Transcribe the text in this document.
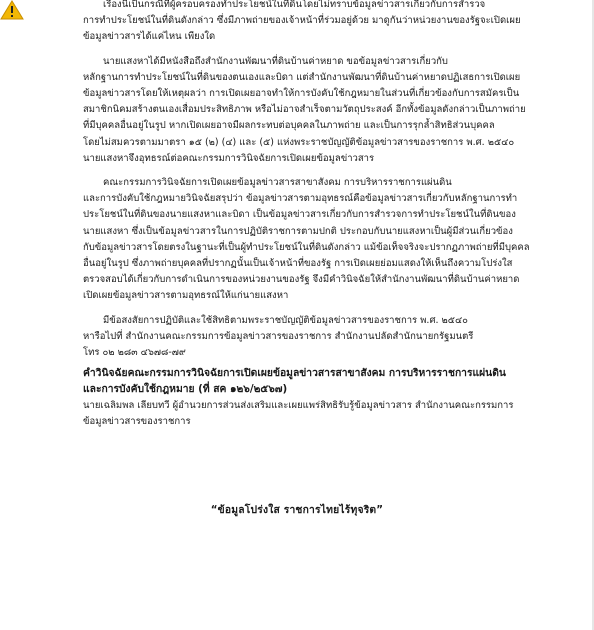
เรื่องนี้เป็นกรณีที่ผู้ครอบครองทำประโยชน์ในที่ดินโดยไม่ทราบข้อมูลข่าวสารเกี่ยวกับการสำรวจ
การทำประโยชน์ในที่ดินดังกล่าว ซึ่งมีภาพถ่ายของเจ้าหน้าที่ร่วมอยู่ด้วย มาดูกันว่าหน่วยงานของรัฐจะเปิดเผย
ข้อมูลข่าวสารได้แค่ไหน เพียงใด
นายแสงหาได้มีหนังสือถึงสำนักงานพัฒนาที่ดินบ้านค่าหยาด ขอข้อมูลข่าวสารเกี่ยวกับ
หลักฐานการทำประโยชน์ในที่ดินของตนเองและบิดา แต่สำนักงานพัฒนาที่ดินบ้านค่าหยาดปฏิเสธการเปิดเผย
ข้อมูลข่าวสารโดยให้เหตุผลว่า การเปิดเผยอาจทำให้การบังคับใช้กฎหมายในส่วนที่เกี่ยวข้องกับการสมัครเป็น
สมาชิกนิคมสร้างตนเองเสื่อมประสิทธิภาพ หรือไม่อาจสำเร็จตามวัตถุประสงค์ อีกทั้งข้อมูลดังกล่าวเป็นภาพถ่าย
ที่มีบุคคลอื่นอยู่ในรูป หากเปิดเผยอาจมีผลกระทบต่อบุคคลในภาพถ่าย และเป็นการรุกล้ำสิทธิส่วนบุคคล
โดยไม่สมควรตามมาตรา ๑๕ (๒) (๔) และ (๕) แห่งพระราชบัญญัติข้อมูลข่าวสารของราชการ พ.ศ. ๒๕๔๐
นายแสงหาจึงอุทธรณ์ต่อคณะกรรมการวินิจฉัยการเปิดเผยข้อมูลข่าวสาร
คณะกรรมการวินิจฉัยการเปิดเผยข้อมูลข่าวสารสาขาสังคม การบริหารราชการแผ่นดิน
และการบังคับใช้กฎหมายวินิจฉัยสรุปว่า ข้อมูลข่าวสารตามอุทธรณ์คือข้อมูลข่าวสารเกี่ยวกับหลักฐานการทำ
ประโยชน์ในที่ดินของนายแสงหาและบิดา เป็นข้อมูลข่าวสารเกี่ยวกับการสำรวจการทำประโยชน์ในที่ดินของ
นายแสงหา ซึ่งเป็นข้อมูลข่าวสารในการปฏิบัติราชการตามปกติ ประกอบกับนายแสงหาเป็นผู้มีส่วนเกี่ยวข้อง
กับข้อมูลข่าวสารโดยตรงในฐานะที่เป็นผู้ทำประโยชน์ในที่ดินดังกล่าว แม้ข้อเท็จจริงจะปรากฏภาพถ่ายที่มีบุคคล
อื่นอยู่ในรูป ซึ่งภาพถ่ายบุคคลที่ปรากฏนั้นเป็นเจ้าหน้าที่ของรัฐ การเปิดเผยย่อมแสดงให้เห็นถึงความโปร่งใส
ตรวจสอบได้เกี่ยวกับการดำเนินการของหน่วยงานของรัฐ จึงมีคำวินิจฉัยให้สำนักงานพัฒนาที่ดินบ้านค่าหยาด
เปิดเผยข้อมูลข่าวสารตามอุทธรณ์ให้แก่นายแสงหา
มีข้อสงสัยการปฏิบัติและใช้สิทธิตามพระราชบัญญัติข้อมูลข่าวสารของราชการ พ.ศ. ๒๕๔๐
หารือไปที่ สำนักงานคณะกรรมการข้อมูลข่าวสารของราชการ สำนักงานปลัดสำนักนายกรัฐมนตรี
โทร ๐๒ ๒๘๓ ๔๖๗๘-๗๙
คำวินิจฉัยคณะกรรมการวินิจฉัยการเปิดเผยข้อมูลข่าวสารสาขาสังคม การบริหารราชการแผ่นดิน
และการบังคับใช้กฎหมาย (ที่ สค ๑๒๖/๒๕๖๗)
นายเฉลิมพล เลียบทวี ผู้อำนวยการส่วนส่งเสริมและเผยแพร่สิทธิรับรู้ข้อมูลข่าวสาร สำนักงานคณะกรรมการ
ข้อมูลข่าวสารของราชการ
“ข้อมูลโปร่งใส ราชการไทยไร้ทุจริต”
